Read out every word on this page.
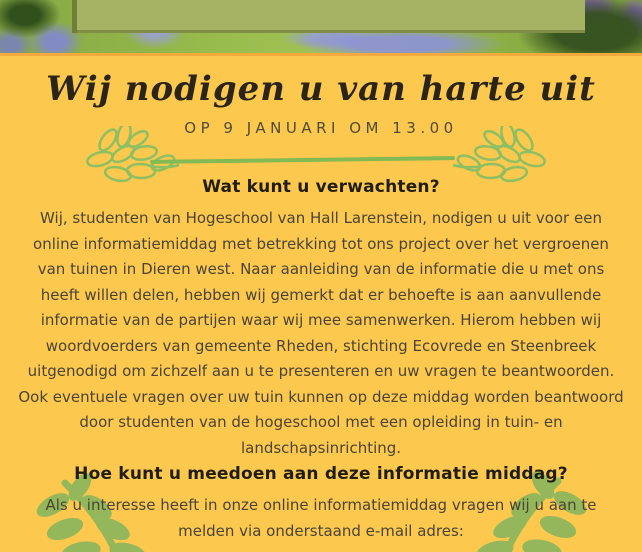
Wij nodigen u van harte uit
OP 9 JANUARI OM 13.00
Wat kunt u verwachten?

Wij, studenten van Hogeschool van Hall Larenstein, nodigen u uit voor een online informatiemiddag met betrekking tot ons project over het vergroenen van tuinen in Dieren west. Naar aanleiding van de informatie die u met ons heeft willen delen, hebben wij gemerkt dat er behoefte is aan aanvullende informatie van de partijen waar wij mee samenwerken. Hierom hebben wij woordvoerders van gemeente Rheden, stichting Ecovrede en Steenbreek uitgenodigd om zichzelf aan u te presenteren en uw vragen te beantwoorden.

Ook eventuele vragen over uw tuin kunnen op deze middag worden beantwoord door studenten van de hogeschool met een opleiding in tuin- en landschapsinrichting.

Hoe kunt u meedoen aan deze informatie middag?

Als u interesse heeft in onze online informatiemiddag vragen wij u aan te melden via onderstaand e-mail adres:
